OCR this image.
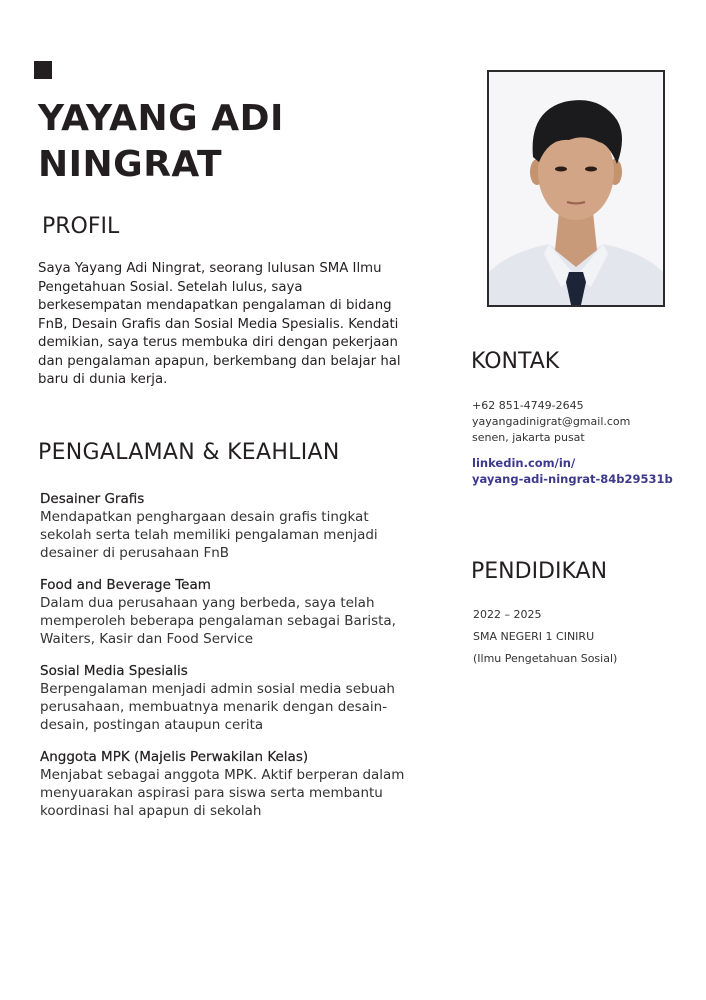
YAYANG ADI
NINGRAT
PROFIL

Saya Yayang Adi Ningrat, seorang lulusan SMA Ilmu Pengetahuan Sosial. Setelah lulus, saya berkesempatan mendapatkan pengalaman di bidang FnB, Desain Grafis dan Sosial Media Spesialis. Kendati demikian, saya terus membuka diri dengan pekerjaan dan pengalaman apapun, berkembang dan belajar hal baru di dunia kerja.

PENGALAMAN & KEAHLIAN
Desainer Grafis

Mendapatkan penghargaan desain grafis tingkat sekolah serta telah memiliki pengalaman menjadi desainer di perusahaan FnB

Food and Beverage Team

Dalam dua perusahaan yang berbeda, saya telah memperoleh beberapa pengalaman sebagai Barista, Waiters, Kasir dan Food Service

Sosial Media Spesialis

Berpengalaman menjadi admin sosial media sebuah perusahaan, membuatnya menarik dengan desain-desain, postingan ataupun cerita

Anggota MPK (Majelis Perwakilan Kelas)

Menjabat sebagai anggota MPK. Aktif berperan dalam menyuarakan aspirasi para siswa serta membantu koordinasi hal apapun di sekolah

KONTAK
+62 851-4749-2645
yayangadinigrat@gmail.com
senen, jakarta pusat
linkedin.com/in/
yayang-adi-ningrat-84b29531b
PENDIDIKAN
2022 – 2025
SMA NEGERI 1 CINIRU
(Ilmu Pengetahuan Sosial)
